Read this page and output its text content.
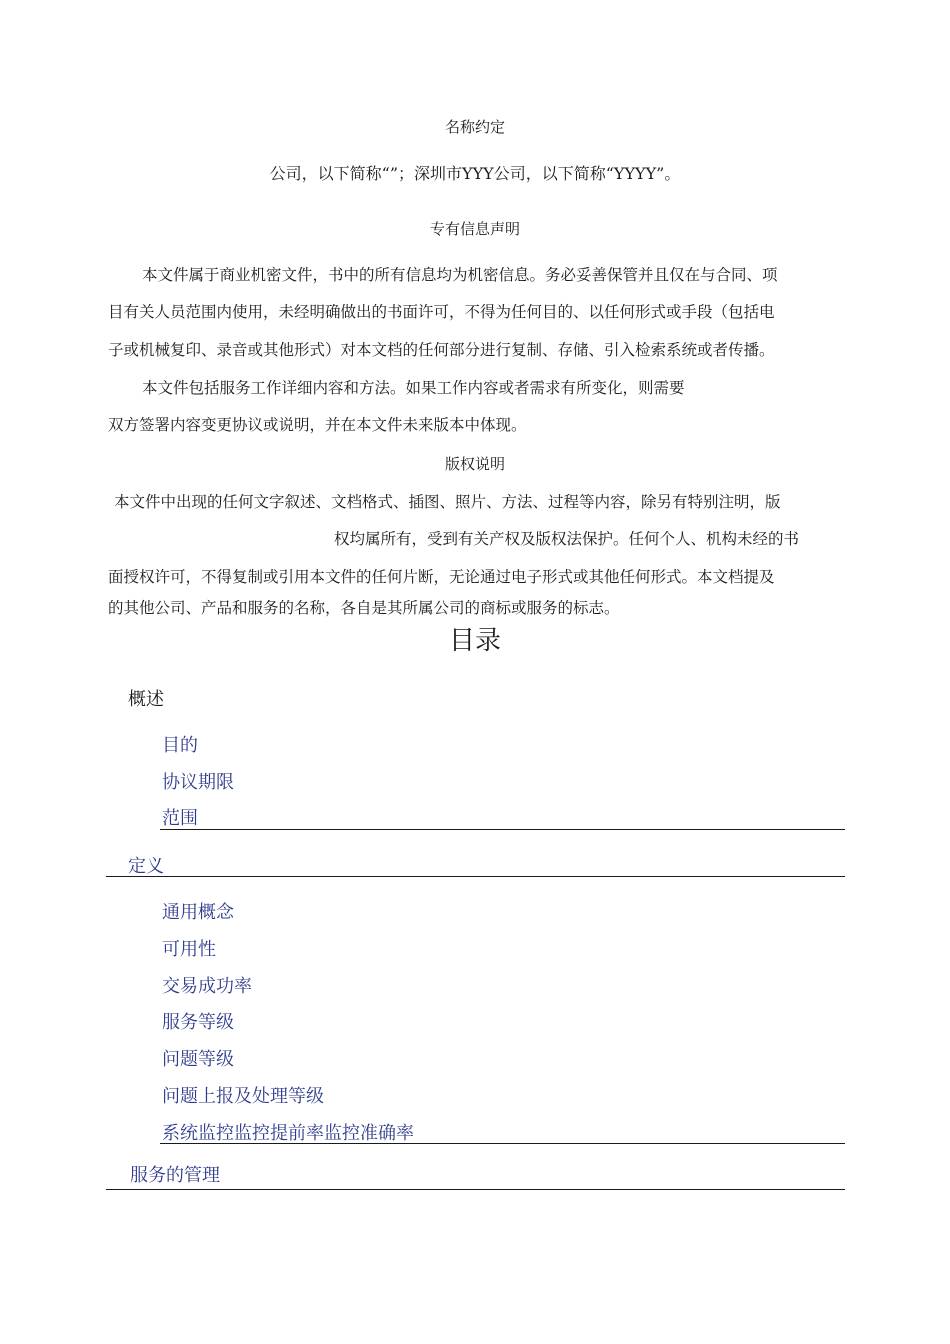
名称约定
公司，以下简称“”；深圳市YYY公司，以下简称“YYYY”。
专有信息声明
本文件属于商业机密文件，书中的所有信息均为机密信息。务必妥善保管并且仅在与合同、项
目有关人员范围内使用，未经明确做出的书面许可，不得为任何目的、以任何形式或手段（包括电
子或机械复印、录音或其他形式）对本文档的任何部分进行复制、存储、引入检索系统或者传播。
本文件包括服务工作详细内容和方法。如果工作内容或者需求有所变化，则需要
双方签署内容变更协议或说明，并在本文件未来版本中体现。
版权说明
本文件中出现的任何文字叙述、文档格式、插图、照片、方法、过程等内容，除另有特别注明，版
权均属所有，受到有关产权及版权法保护。任何个人、机构未经的书
面授权许可，不得复制或引用本文件的任何片断，无论通过电子形式或其他任何形式。本文档提及
的其他公司、产品和服务的名称，各自是其所属公司的商标或服务的标志。
目录
概述
目的
协议期限
范围
定义
通用概念
可用性
交易成功率
服务等级
问题等级
问题上报及处理等级
系统监控监控提前率监控准确率
服务的管理
